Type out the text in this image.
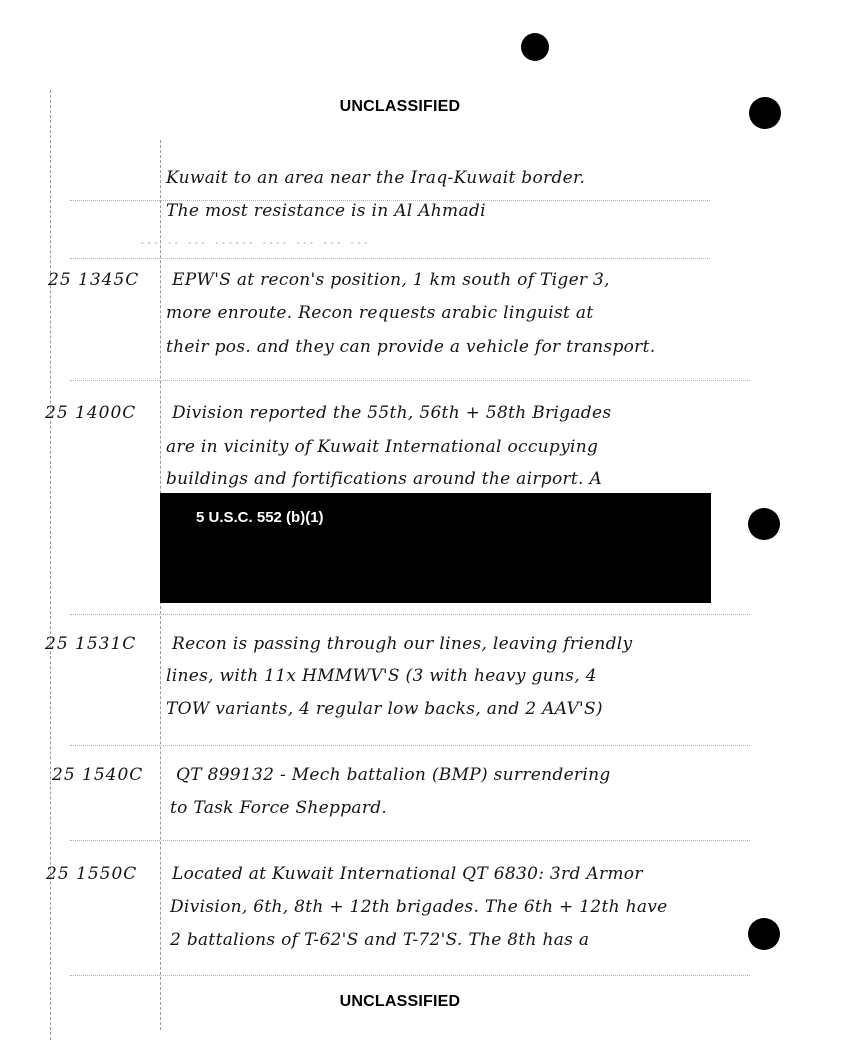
UNCLASSIFIED
Kuwait to an area near the Iraq-Kuwait border.
The most resistance is in Al Ahmadi
··· ·· ··· ······ ···· ··· ··· ···
25 1345C EPW'S at recon's position, 1 km south of Tiger 3,
more enroute. Recon requests arabic linguist at
their pos. and they can provide a vehicle for transport.
25 1400C Division reported the 55th, 56th + 58th Brigades
are in vicinity of Kuwait International occupying
buildings and fortifications around the airport. A
5 U.S.C. 552 (b)(1)
25 1531C Recon is passing through our lines, leaving friendly
lines, with 11x HMMWV'S (3 with heavy guns, 4
TOW variants, 4 regular low backs, and 2 AAV'S)
25 1540C QT 899132 - Mech battalion (BMP) surrendering
to Task Force Sheppard.
25 1550C Located at Kuwait International QT 6830: 3rd Armor
Division, 6th, 8th + 12th brigades. The 6th + 12th have
2 battalions of T-62'S and T-72'S. The 8th has a
UNCLASSIFIED
